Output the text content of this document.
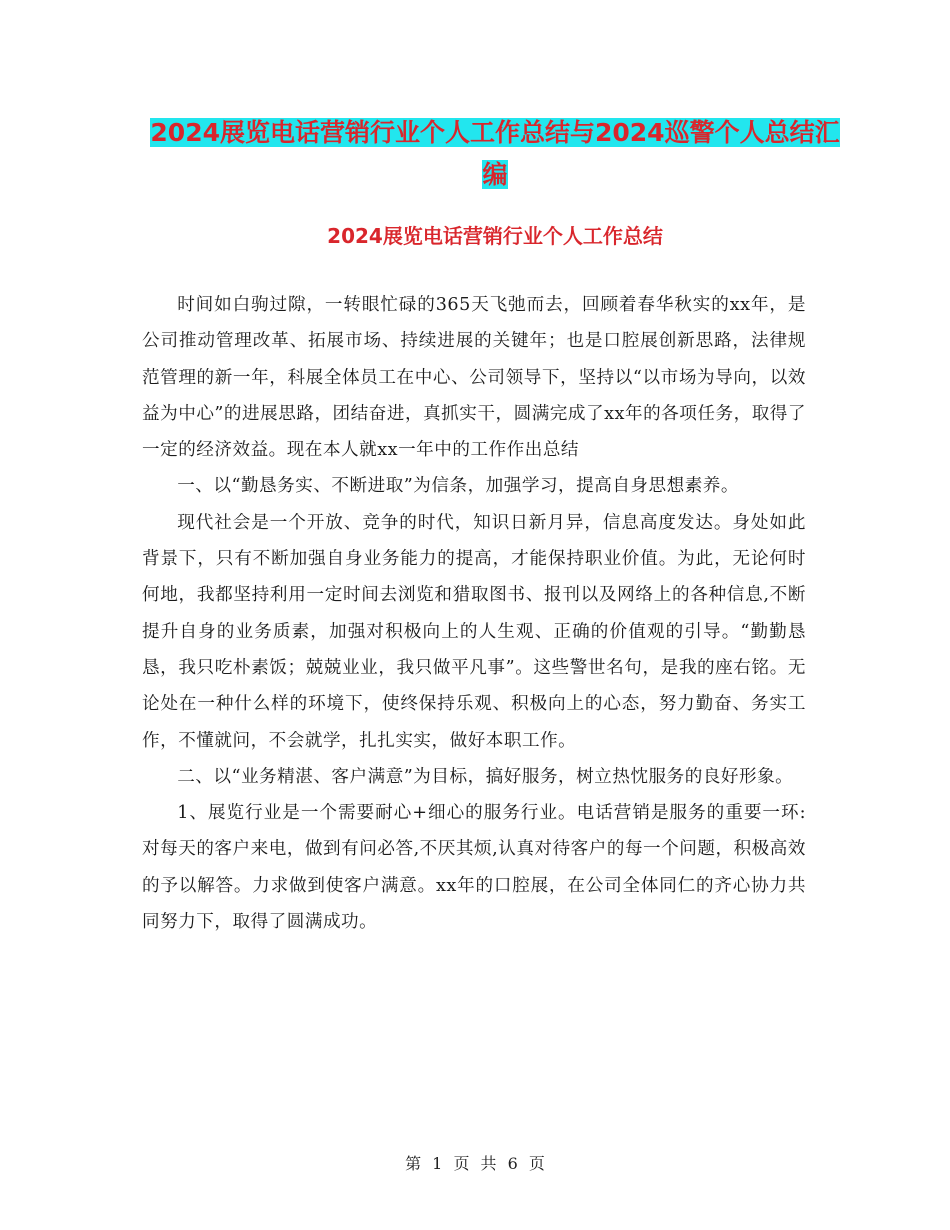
2024展览电话营销行业个人工作总结与2024巡警个人总结汇编
2024展览电话营销行业个人工作总结

时间如白驹过隙，一转眼忙碌的365天飞弛而去，回顾着春华秋实的xx年，是公司推动管理改革、拓展市场、持续进展的关键年；也是口腔展创新思路，法律规范管理的新一年，科展全体员工在中心、公司领导下，坚持以“以市场为导向，以效益为中心”的进展思路，团结奋进，真抓实干，圆满完成了xx年的各项任务，取得了一定的经济效益。现在本人就xx一年中的工作作出总结

一、以“勤恳务实、不断进取”为信条，加强学习，提高自身思想素养。

现代社会是一个开放、竞争的时代，知识日新月异，信息高度发达。身处如此背景下，只有不断加强自身业务能力的提高，才能保持职业价值。为此，无论何时何地，我都坚持利用一定时间去浏览和猎取图书、报刊以及网络上的各种信息,不断提升自身的业务质素，加强对积极向上的人生观、正确的价值观的引导。“勤勤恳恳，我只吃朴素饭；兢兢业业，我只做平凡事”。这些警世名句，是我的座右铭。无论处在一种什么样的环境下，使终保持乐观、积极向上的心态，努力勤奋、务实工作，不懂就问，不会就学，扎扎实实，做好本职工作。

二、以“业务精湛、客户满意”为目标，搞好服务，树立热忱服务的良好形象。

1、展览行业是一个需要耐心+细心的服务行业。电话营销是服务的重要一环:对每天的客户来电，做到有问必答,不厌其烦,认真对待客户的每一个问题，积极高效的予以解答。力求做到使客户满意。xx年的口腔展，在公司全体同仁的齐心协力共同努力下，取得了圆满成功。

第 1 页 共 6 页
